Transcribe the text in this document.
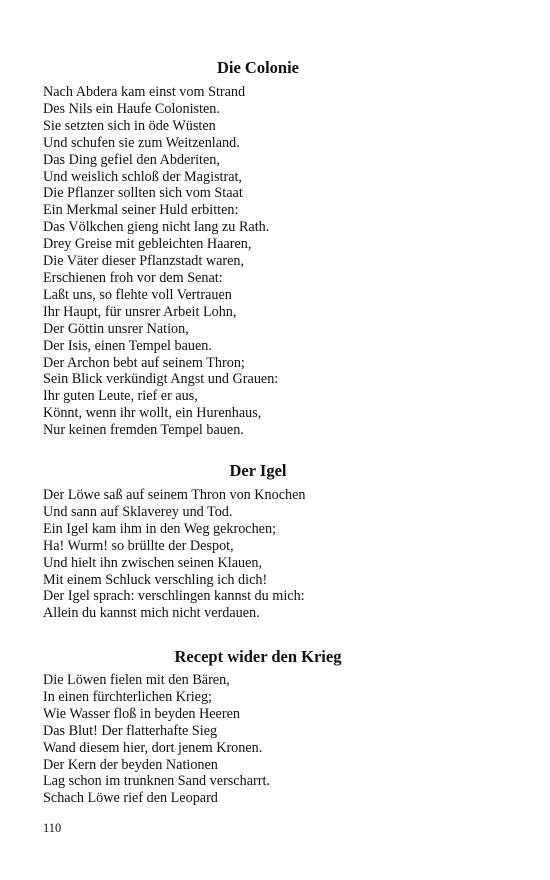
Die Colonie
Nach Abdera kam einst vom Strand
Des Nils ein Haufe Colonisten.
Sie setzten sich in öde Wüsten
Und schufen sie zum Weitzenland.
Das Ding gefiel den Abderiten,
Und weislich schloß der Magistrat,
Die Pflanzer sollten sich vom Staat
Ein Merkmal seiner Huld erbitten:
Das Völkchen gieng nicht lang zu Rath.
Drey Greise mit gebleichten Haaren,
Die Väter dieser Pflanzstadt waren,
Erschienen froh vor dem Senat:
Laßt uns, so flehte voll Vertrauen
Ihr Haupt, für unsrer Arbeit Lohn,
Der Göttin unsrer Nation,
Der Isis, einen Tempel bauen.
Der Archon bebt auf seinem Thron;
Sein Blick verkündigt Angst und Grauen:
Ihr guten Leute, rief er aus,
Könnt, wenn ihr wollt, ein Hurenhaus,
Nur keinen fremden Tempel bauen.
Der Igel
Der Löwe saß auf seinem Thron von Knochen
Und sann auf Sklaverey und Tod.
Ein Igel kam ihm in den Weg gekrochen;
Ha! Wurm! so brüllte der Despot,
Und hielt ihn zwischen seinen Klauen,
Mit einem Schluck verschling ich dich!
Der Igel sprach: verschlingen kannst du mich:
Allein du kannst mich nicht verdauen.
Recept wider den Krieg
Die Löwen fielen mit den Bären,
In einen fürchterlichen Krieg;
Wie Wasser floß in beyden Heeren
Das Blut! Der flatterhafte Sieg
Wand diesem hier, dort jenem Kronen.
Der Kern der beyden Nationen
Lag schon im trunknen Sand verscharrt.
Schach Löwe rief den Leopard
110
